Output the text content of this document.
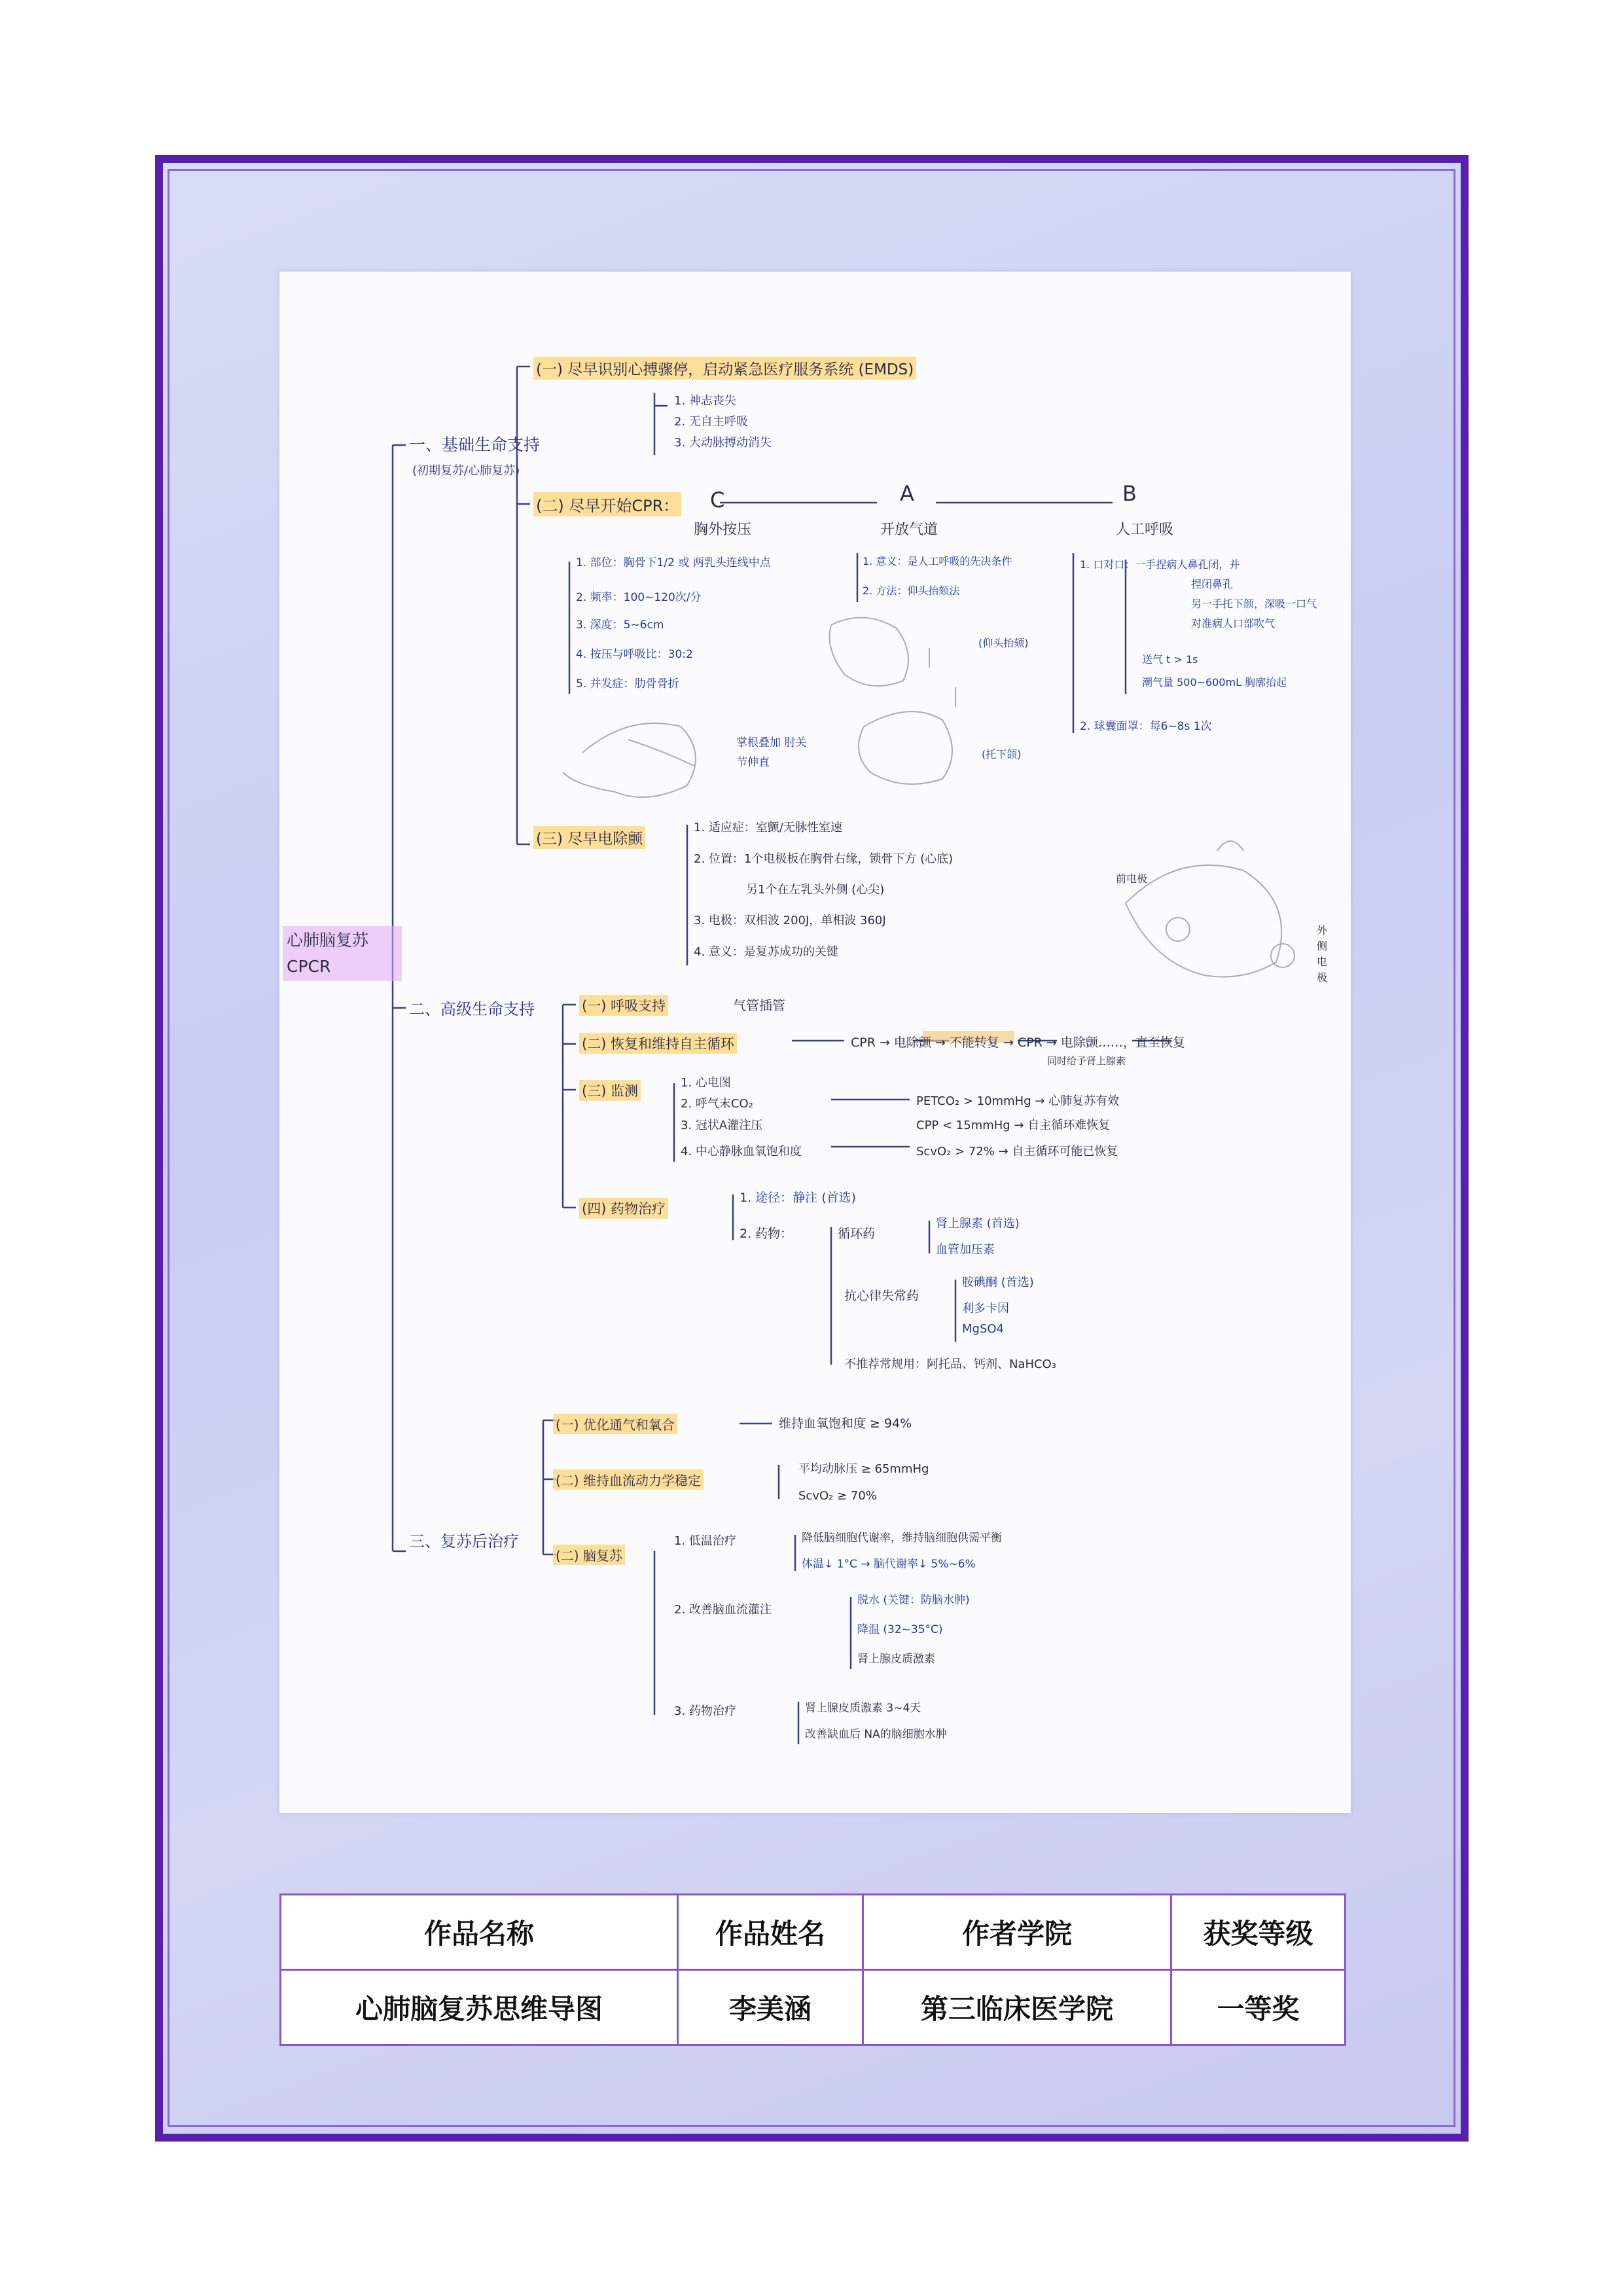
心肺脑复苏 CPCR
一、基础生命支持
(初期复苏/心肺复苏)
(一) 尽早识别心搏骤停，启动紧急医疗服务系统 (EMDS)
1. 神志丧失
2. 无自主呼吸
3. 大动脉搏动消失
(二) 尽早开始CPR： C	A	B
胸外按压	开放气道	人工呼吸
1. 部位：胸骨下1/2 或 两乳头连线中点
2. 频率：100~120次/分
3. 深度：5~6cm
4. 按压与呼吸比：30:2
5. 并发症：肋骨骨折
掌根叠加 肘关节伸直
1. 意义：是人工呼吸的先决条件
2. 方法：仰头抬颏法
(仰头抬颏)
(托下颌)
1. 口对口：一手捏病人鼻孔闭，并
捏闭鼻孔
另一手托下颌，深吸一口气
对准病人口部吹气
送气 t > 1s
潮气量 500~600mL 胸廓抬起
2. 球囊面罩：每6~8s 1次
(三) 尽早电除颤
1. 适应症：室颤/无脉性室速
2. 位置：1个电极板在胸骨右缘，锁骨下方 (心底)
另1个在左乳头外侧 (心尖)
3. 电极：双相波 200J，单相波 360J
4. 意义：是复苏成功的关键
前电极
外侧电极
二、高级生命支持	(一) 呼吸支持	气管插管
(二) 恢复和维持自主循环	CPR → 电除颤 → 不能转复 → CPR → 电除颤……，直至恢复
同时给予肾上腺素
(三) 监测
1. 心电图
2. 呼气末CO₂
3. 冠状A灌注压
4. 中心静脉血氧饱和度
PETCO₂ > 10mmHg → 心肺复苏有效
CPP < 15mmHg → 自主循环难恢复
ScvO₂ > 72% → 自主循环可能已恢复
(四) 药物治疗
1. 途径：静注 (首选)
2. 药物：	循环药
肾上腺素 (首选)
血管加压素
抗心律失常药
胺碘酮 (首选)
利多卡因
MgSO4
不推荐常规用：阿托品、钙剂、NaHCO₃
三、复苏后治疗
(一) 优化通气和氧合	维持血氧饱和度 ≥ 94%
(二) 维持血流动力学稳定
平均动脉压 ≥ 65mmHg
ScvO₂ ≥ 70%
(二) 脑复苏
1. 低温治疗
2. 改善脑血流灌注
3. 药物治疗
降低脑细胞代谢率，维持脑细胞供需平衡
体温↓ 1°C → 脑代谢率↓ 5%~6%
脱水 (关键：防脑水肿)
降温 (32~35°C)
肾上腺皮质激素
肾上腺皮质激素 3~4天
改善缺血后 NA的脑细胞水肿
作品名称	作品姓名	作者学院	获奖等级
心肺脑复苏思维导图	李美涵	第三临床医学院	一等奖
